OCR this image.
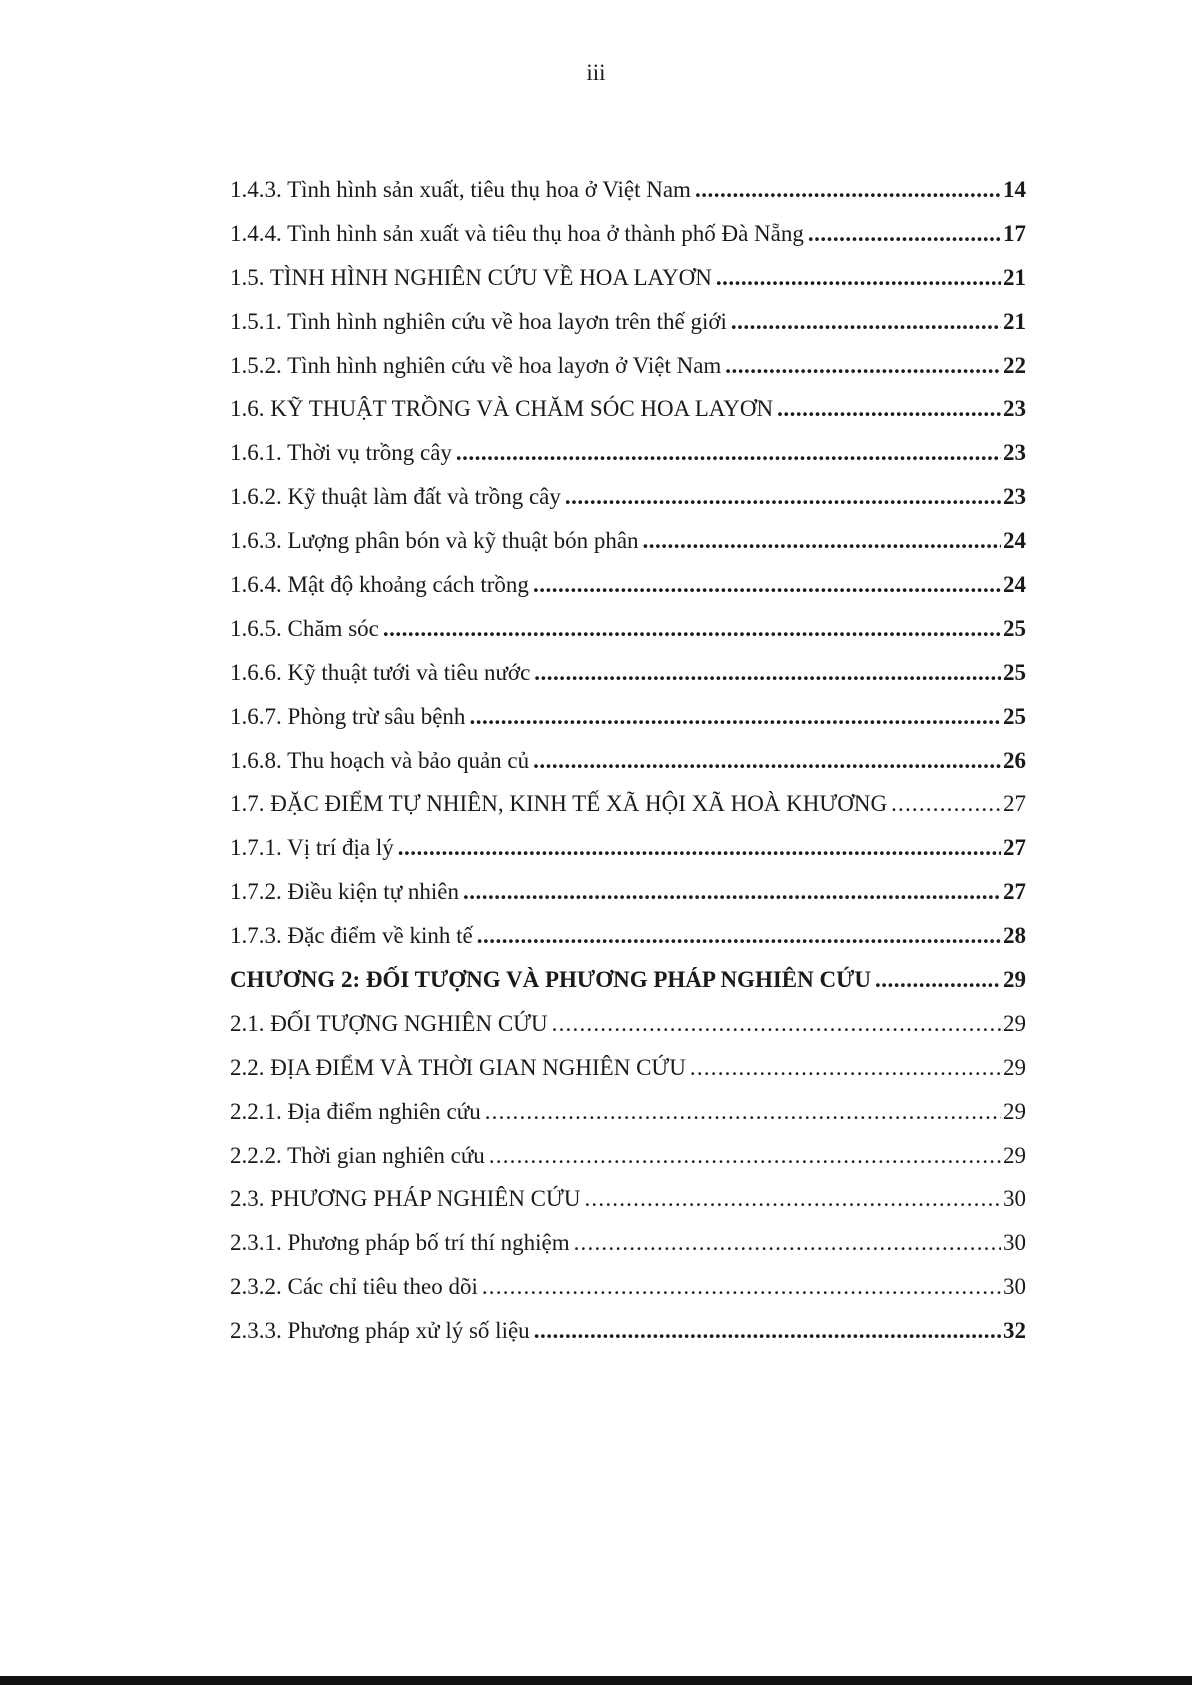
iii
1.4.3. Tình hình sản xuất, tiêu thụ hoa ở Việt Nam .....	14
1.4.4. Tình hình sản xuất và tiêu thụ hoa ở thành phố Đà Nẵng .....	17
1.5. TÌNH HÌNH NGHIÊN CỨU VỀ HOA LAYƠN .....	21
1.5.1. Tình hình nghiên cứu về hoa layơn trên thế giới .....	21
1.5.2. Tình hình nghiên cứu về hoa layơn ở Việt Nam .....	22
1.6. KỸ THUẬT TRỒNG VÀ CHĂM SÓC HOA LAYƠN .....	23
1.6.1. Thời vụ trồng cây .....	23
1.6.2. Kỹ thuật làm đất và trồng cây .....	23
1.6.3. Lượng phân bón và kỹ thuật bón phân .....	24
1.6.4. Mật độ khoảng cách trồng .....	24
1.6.5. Chăm sóc .....	25
1.6.6. Kỹ thuật tưới và tiêu nước .....	25
1.6.7. Phòng trừ sâu bệnh .....	25
1.6.8. Thu hoạch và bảo quản củ .....	26
1.7. ĐẶC ĐIỂM TỰ NHIÊN, KINH TẾ XÃ HỘI XÃ HOÀ KHƯƠNG .....	27
1.7.1. Vị trí địa lý .....	27
1.7.2. Điều kiện tự nhiên .....	27
1.7.3. Đặc điểm về kinh tế .....	28
CHƯƠNG 2: ĐỐI TƯỢNG VÀ PHƯƠNG PHÁP NGHIÊN CỨU .....	29
2.1. ĐỐI TƯỢNG NGHIÊN CỨU .....	29
2.2. ĐỊA ĐIỂM VÀ THỜI GIAN NGHIÊN CỨU .....	29
2.2.1. Địa điểm nghiên cứu .....	29
2.2.2. Thời gian nghiên cứu .....	29
2.3. PHƯƠNG PHÁP NGHIÊN CỨU .....	30
2.3.1. Phương pháp bố trí thí nghiệm .....	30
2.3.2. Các chỉ tiêu theo dõi .....	30
2.3.3. Phương pháp xử lý số liệu .....	32
